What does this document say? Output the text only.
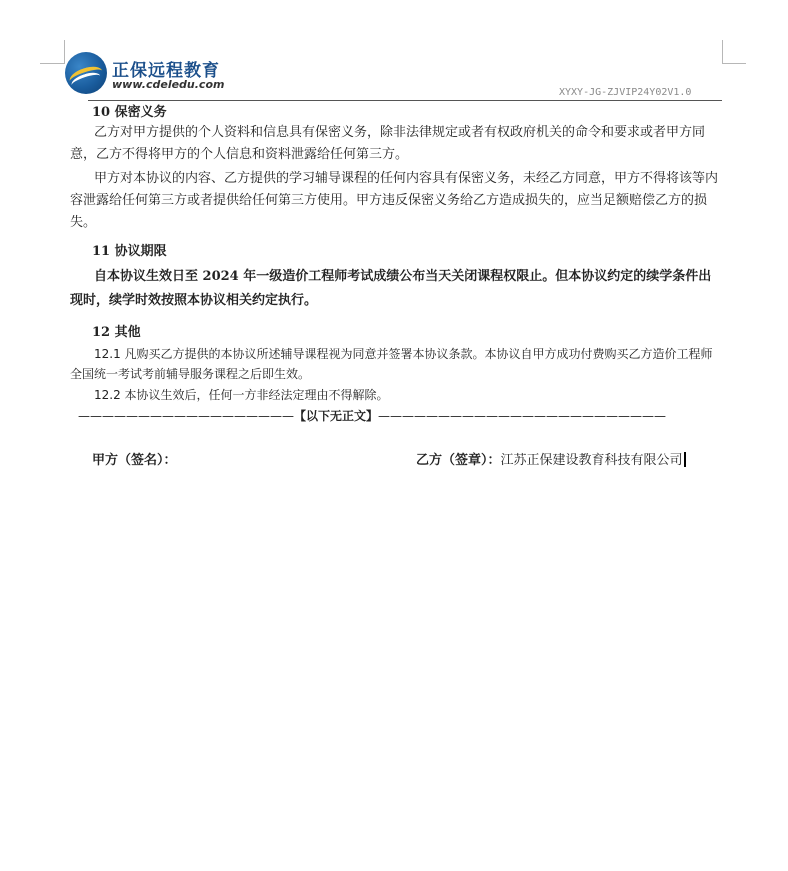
正保远程教育
www.cdeledu.com
XYXY-JG-ZJVIP24Y02V1.0
10 保密义务
乙方对甲方提供的个人资料和信息具有保密义务，除非法律规定或者有权政府机关的命令和要求或者甲方同意，乙方不得将甲方的个人信息和资料泄露给任何第三方。
甲方对本协议的内容、乙方提供的学习辅导课程的任何内容具有保密义务，未经乙方同意，甲方不得将该等内容泄露给任何第三方或者提供给任何第三方使用。甲方违反保密义务给乙方造成损失的，应当足额赔偿乙方的损失。
11 协议期限
自本协议生效日至 2024 年一级造价工程师考试成绩公布当天关闭课程权限止。但本协议约定的续学条件出现时，续学时效按照本协议相关约定执行。
12 其他
12.1 凡购买乙方提供的本协议所述辅导课程视为同意并签署本协议条款。本协议自甲方成功付费购买乙方造价工程师全国统一考试考前辅导服务课程之后即生效。
12.2 本协议生效后，任何一方非经法定理由不得解除。
——————————————————【以下无正文】————————————————————————
甲方（签名）：	乙方（签章）：江苏正保建设教育科技有限公司
